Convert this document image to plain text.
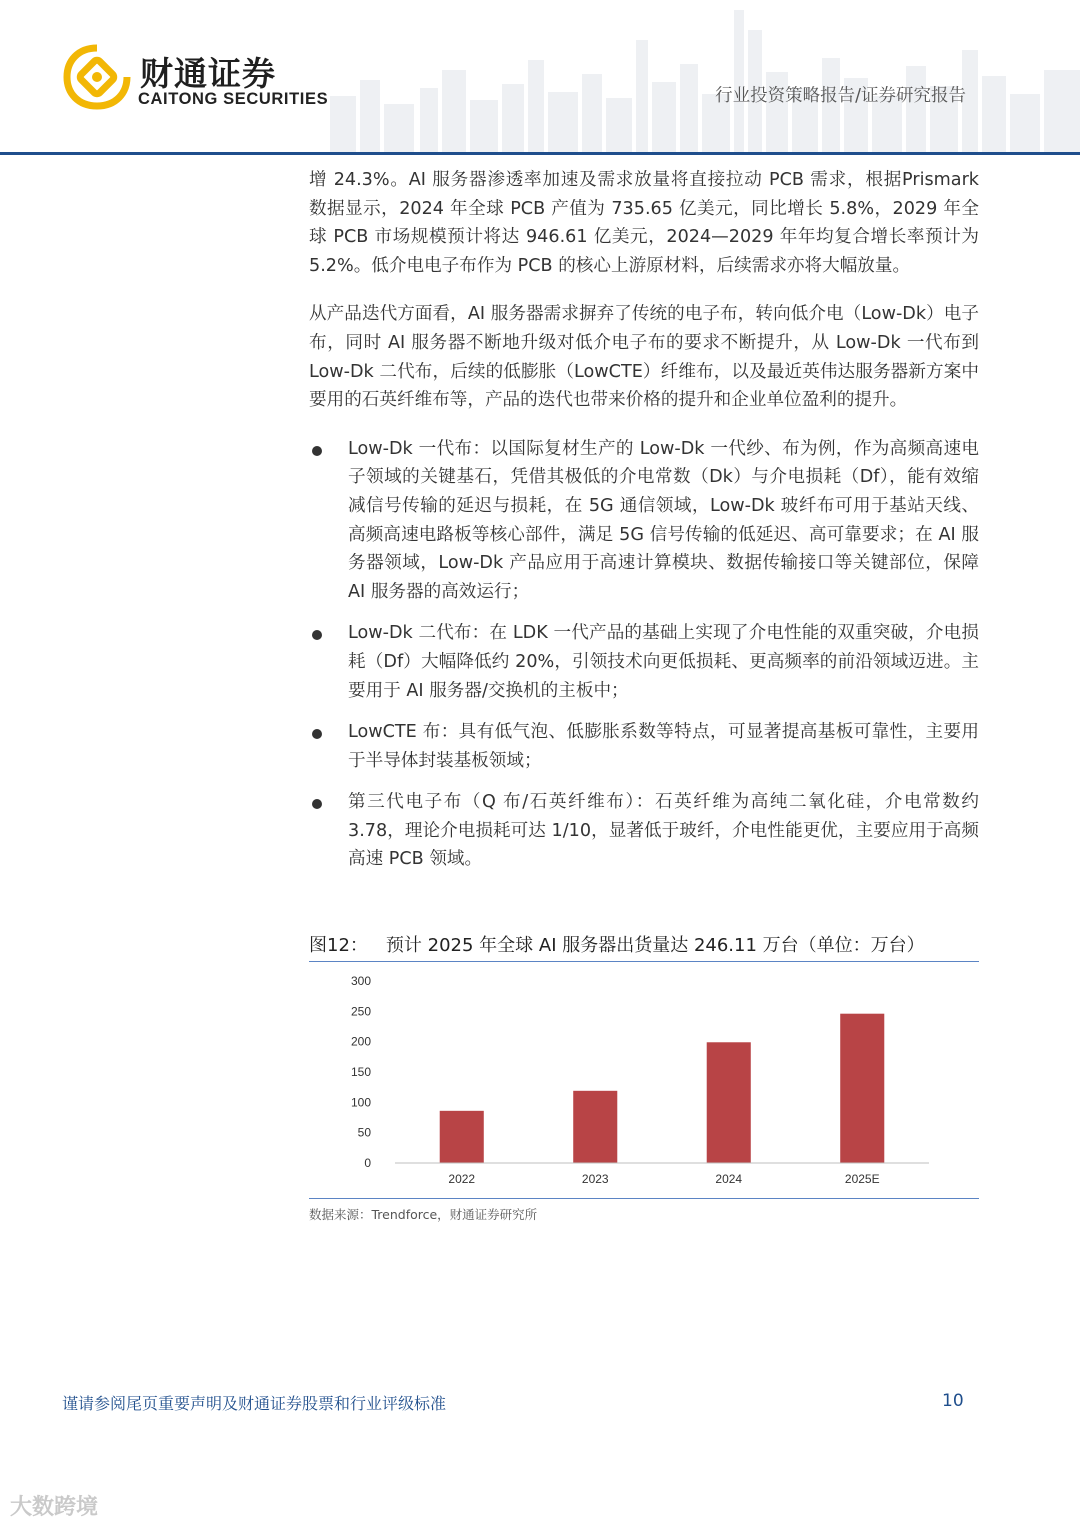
财通证券
CAITONG SECURITIES	行业投资策略报告/证券研究报告

增 24.3%。AI 服务器渗透率加速及需求放量将直接拉动 PCB 需求，根据Prismark 数据显示，2024 年全球 PCB 产值为 735.65 亿美元，同比增长 5.8%，2029 年全球 PCB 市场规模预计将达 946.61 亿美元，2024—2029 年年均复合增长率预计为 5.2%。低介电电子布作为 PCB 的核心上游原材料，后续需求亦将大幅放量。

从产品迭代方面看，AI 服务器需求摒弃了传统的电子布，转向低介电（Low-Dk）电子布，同时 AI 服务器不断地升级对低介电子布的要求不断提升，从 Low-Dk 一代布到 Low-Dk 二代布，后续的低膨胀（LowCTE）纤维布，以及最近英伟达服务器新方案中要用的石英纤维布等，产品的迭代也带来价格的提升和企业单位盈利的提升。

Low-Dk 一代布：以国际复材生产的 Low-Dk 一代纱、布为例，作为高频高速电子领域的关键基石，凭借其极低的介电常数（Dk）与介电损耗（Df），能有效缩减信号传输的延迟与损耗，在 5G 通信领域，Low-Dk 玻纤布可用于基站天线、高频高速电路板等核心部件，满足 5G 信号传输的低延迟、高可靠要求；在 AI 服务器领域，Low-Dk 产品应用于高速计算模块、数据传输接口等关键部位，保障 AI 服务器的高效运行；
Low-Dk 二代布：在 LDK 一代产品的基础上实现了介电性能的双重突破，介电损耗（Df）大幅降低约 20%，引领技术向更低损耗、更高频率的前沿领域迈进。主要用于 AI 服务器/交换机的主板中；
LowCTE 布：具有低气泡、低膨胀系数等特点，可显著提高基板可靠性，主要用于半导体封装基板领域；
第三代电子布（Q 布/石英纤维布）：石英纤维为高纯二氧化硅，介电常数约 3.78，理论介电损耗可达 1/10，显著低于玻纤，介电性能更优，主要应用于高频高速 PCB 领域。
图12： 预计 2025 年全球 AI 服务器出货量达 246.11 万台（单位：万台）
0
50
100
150
200
250
300
2022	2023	2024	2025E
数据来源：Trendforce，财通证券研究所
谨请参阅尾页重要声明及财通证券股票和行业评级标准	10
大数跨境
